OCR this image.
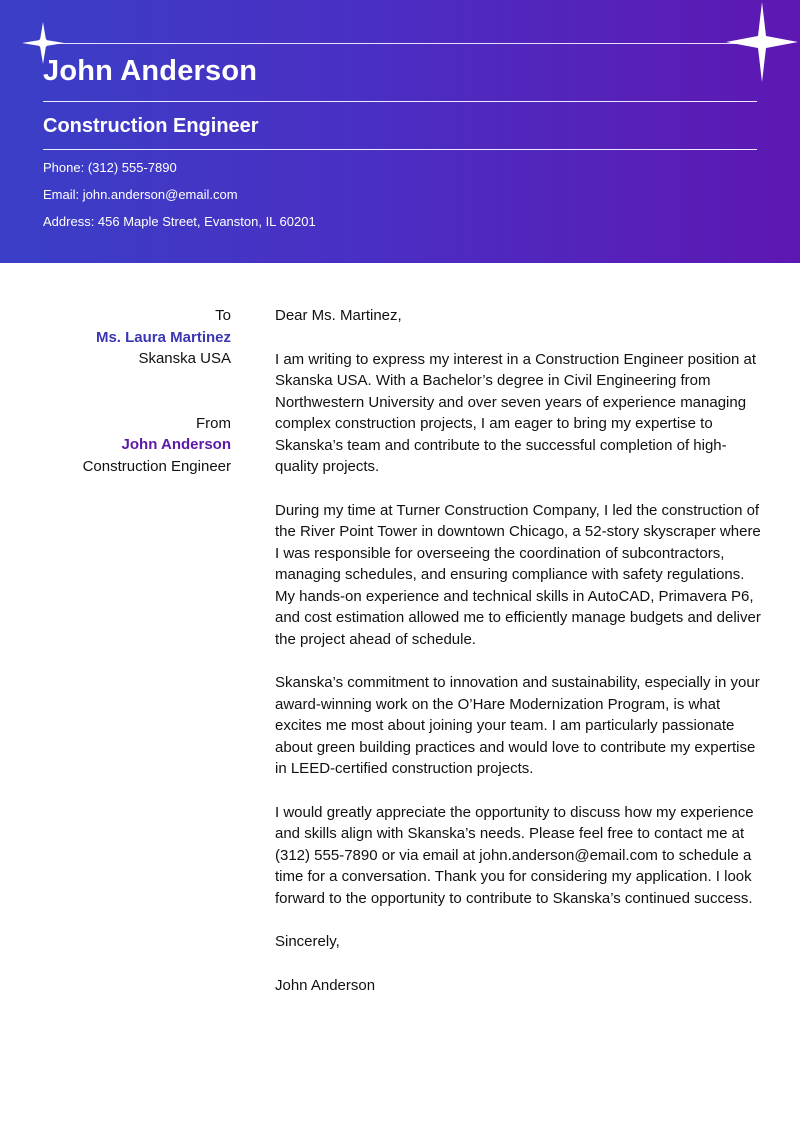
John Anderson
Construction Engineer
Phone: (312) 555-7890
Email: john.anderson@email.com
Address: 456 Maple Street, Evanston, IL 60201
To
Ms. Laura Martinez
Skanska USA
From
John Anderson
Construction Engineer

Dear Ms. Martinez,

I am writing to express my interest in a Construction Engineer position at Skanska USA. With a Bachelor’s degree in Civil Engineering from Northwestern University and over seven years of experience managing complex construction projects, I am eager to bring my expertise to Skanska’s team and contribute to the successful completion of high-quality projects.

During my time at Turner Construction Company, I led the construction of the River Point Tower in downtown Chicago, a 52-story skyscraper where I was responsible for overseeing the coordination of subcontractors, managing schedules, and ensuring compliance with safety regulations. My hands-on experience and technical skills in AutoCAD, Primavera P6, and cost estimation allowed me to efficiently manage budgets and deliver the project ahead of schedule.

Skanska’s commitment to innovation and sustainability, especially in your award-winning work on the O’Hare Modernization Program, is what excites me most about joining your team. I am particularly passionate about green building practices and would love to contribute my expertise in LEED-certified construction projects.

I would greatly appreciate the opportunity to discuss how my experience and skills align with Skanska’s needs. Please feel free to contact me at (312) 555-7890 or via email at john.anderson@email.com to schedule a time for a conversation. Thank you for considering my application. I look forward to the opportunity to contribute to Skanska’s continued success.

Sincerely,

John Anderson
